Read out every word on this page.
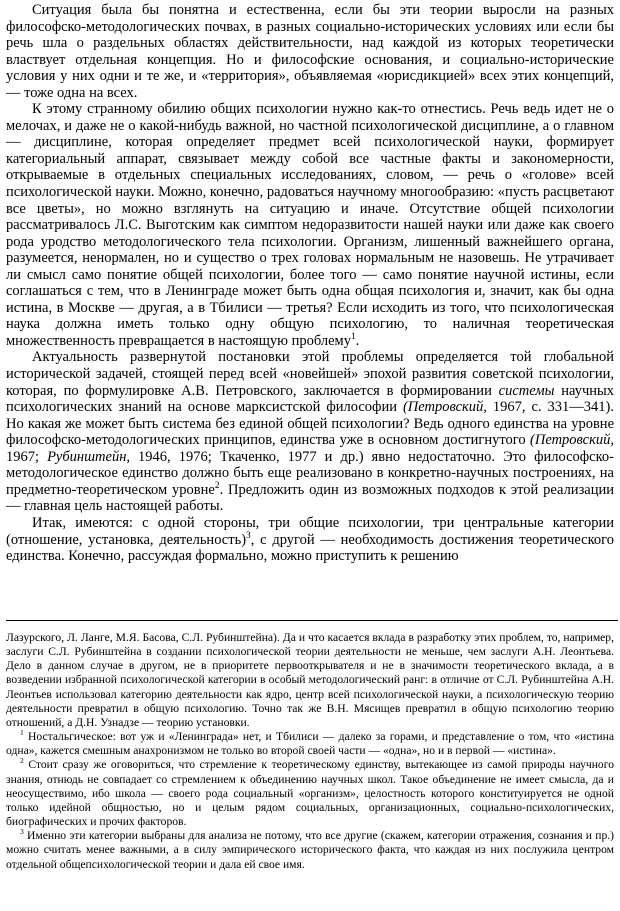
Ситуация была бы понятна и естественна, если бы эти теории выросли на разных философско-методологических почвах, в разных социально-исторических условиях или если бы речь шла о раздельных областях действительности, над каждой из которых теоретически властвует отдельная концепция. Но и философские основания, и социально-исторические условия у них одни и те же, и «территория», объявляемая «юрисдикцией» всех этих концепций, — тоже одна на всех.

К этому странному обилию общих психологии нужно как-то отнестись. Речь ведь идет не о мелочах, и даже не о какой-нибудь важной, но частной психологической дисциплине, а о главном — дисциплине, которая определяет предмет всей психологической науки, формирует категориальный аппарат, связывает между собой все частные факты и закономерности, открываемые в отдельных специальных исследованиях, словом, — речь о «голове» всей психологической науки. Можно, конечно, радоваться научному многообразию: «пусть расцветают все цветы», но можно взглянуть на ситуацию и иначе. Отсутствие общей психологии рассматривалось Л.С. Выготским как симптом недоразвитости нашей науки или даже как своего рода уродство методологического тела психологии. Организм, лишенный важнейшего органа, разумеется, ненормален, но и существо о трех головах нормальным не назовешь. Не утрачивает ли смысл само понятие общей психологии, более того — само понятие научной истины, если соглашаться с тем, что в Ленинграде может быть одна общая психология и, значит, как бы одна истина, в Москве — другая, а в Тбилиси — третья? Если исходить из того, что психологическая наука должна иметь только одну общую психологию, то наличная теоретическая множественность превращается в настоящую проблему$^1$.

Актуальность развернутой постановки этой проблемы определяется той глобальной исторической задачей, стоящей перед всей «новейшей» эпохой развития советской психологии, которая, по формулировке А.В. Петровского, заключается в формировании системы научных психологических знаний на основе марксистской философии (Петровский, 1967, с. 331—341). Но какая же может быть система без единой общей психологии? Ведь одного единства на уровне философско-методологических принципов, единства уже в основном достигнутого (Петровский, 1967; Рубинштейн, 1946, 1976; Ткаченко, 1977 и др.) явно недостаточно. Это философско-методологическое единство должно быть еще реализовано в конкретно-научных построениях, на предметно-теоретическом уровне$^2$. Предложить один из возможных подходов к этой реализации — главная цель настоящей работы.

Итак, имеются: с одной стороны, три общие психологии, три центральные категории (отношение, установка, деятельность)$^3$, с другой — необходимость достижения теоретического единства. Конечно, рассуждая формально, можно приступить к решению

Лазурского, Л. Ланге, М.Я. Басова, С.Л. Рубинштейна). Да и что касается вклада в разработку этих проблем, то, например, заслуги С.Л. Рубинштейна в создании психологической теории деятельности не меньше, чем заслуги А.Н. Леонтьева. Дело в данном случае в другом, не в приоритете первооткрывателя и не в значимости теоретического вклада, а в возведении избранной психологической категории в особый методологический ранг: в отличие от С.Л. Рубинштейна А.Н. Леонтьев использовал категорию деятельности как ядро, центр всей психологической науки, а психологическую теорию деятельности превратил в общую психологию. Точно так же В.Н. Мясищев превратил в общую психологию теорию отношений, а Д.Н. Узнадзе — теорию установки.

$^1$ Ностальгическое: вот уж и «Ленинграда» нет, и Тбилиси — далеко за горами, и представление о том, что «истина одна», кажется смешным анахронизмом не только во второй своей части — «одна», но и в первой — «истина».

$^2$ Стоит сразу же оговориться, что стремление к теоретическому единству, вытекающее из самой природы научного знания, отнюдь не совпадает со стремлением к объединению научных школ. Такое объединение не имеет смысла, да и неосуществимо, ибо школа — своего рода социальный «организм», целостность которого конституируется не одной только идейной общностью, но и целым рядом социальных, организационных, социально-психологических, биографических и прочих факторов.

$^3$ Именно эти категории выбраны для анализа не потому, что все другие (скажем, категории отражения, сознания и пр.) можно считать менее важными, а в силу эмпирического исторического факта, что каждая из них послужила центром отдельной общепсихологической теории и дала ей свое имя.
